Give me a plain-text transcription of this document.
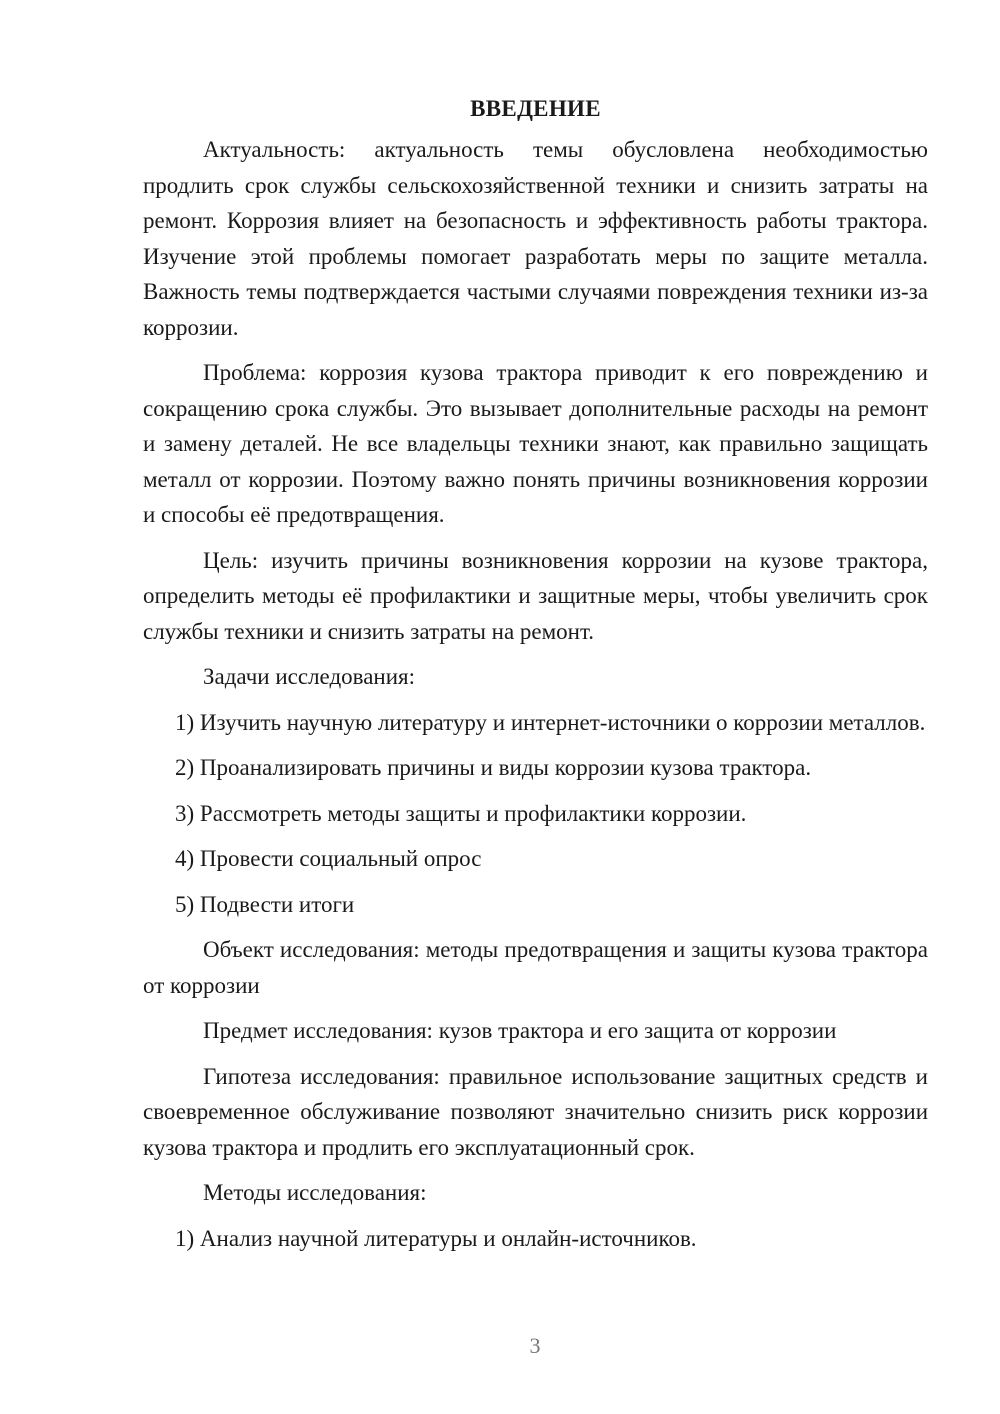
ВВЕДЕНИЕ

Актуальность: актуальность темы обусловлена необходимостью продлить срок службы сельскохозяйственной техники и снизить затраты на ремонт. Коррозия влияет на безопасность и эффективность работы трактора. Изучение этой проблемы помогает разработать меры по защите металла. Важность темы подтверждается частыми случаями повреждения техники из-за коррозии.

Проблема: коррозия кузова трактора приводит к его повреждению и сокращению срока службы. Это вызывает дополнительные расходы на ремонт и замену деталей. Не все владельцы техники знают, как правильно защищать металл от коррозии. Поэтому важно понять причины возникновения коррозии и способы её предотвращения.

Цель: изучить причины возникновения коррозии на кузове трактора, определить методы её профилактики и защитные меры, чтобы увеличить срок службы техники и снизить затраты на ремонт.

Задачи исследования:

1) Изучить научную литературу и интернет-источники о коррозии металлов.

2) Проанализировать причины и виды коррозии кузова трактора.

3) Рассмотреть методы защиты и профилактики коррозии.

4) Провести социальный опрос

5) Подвести итоги

Объект исследования: методы предотвращения и защиты кузова трактора от коррозии

Предмет исследования: кузов трактора и его защита от коррозии

Гипотеза исследования: правильное использование защитных средств и своевременное обслуживание позволяют значительно снизить риск коррозии кузова трактора и продлить его эксплуатационный срок.

Методы исследования:

1) Анализ научной литературы и онлайн-источников.

3
